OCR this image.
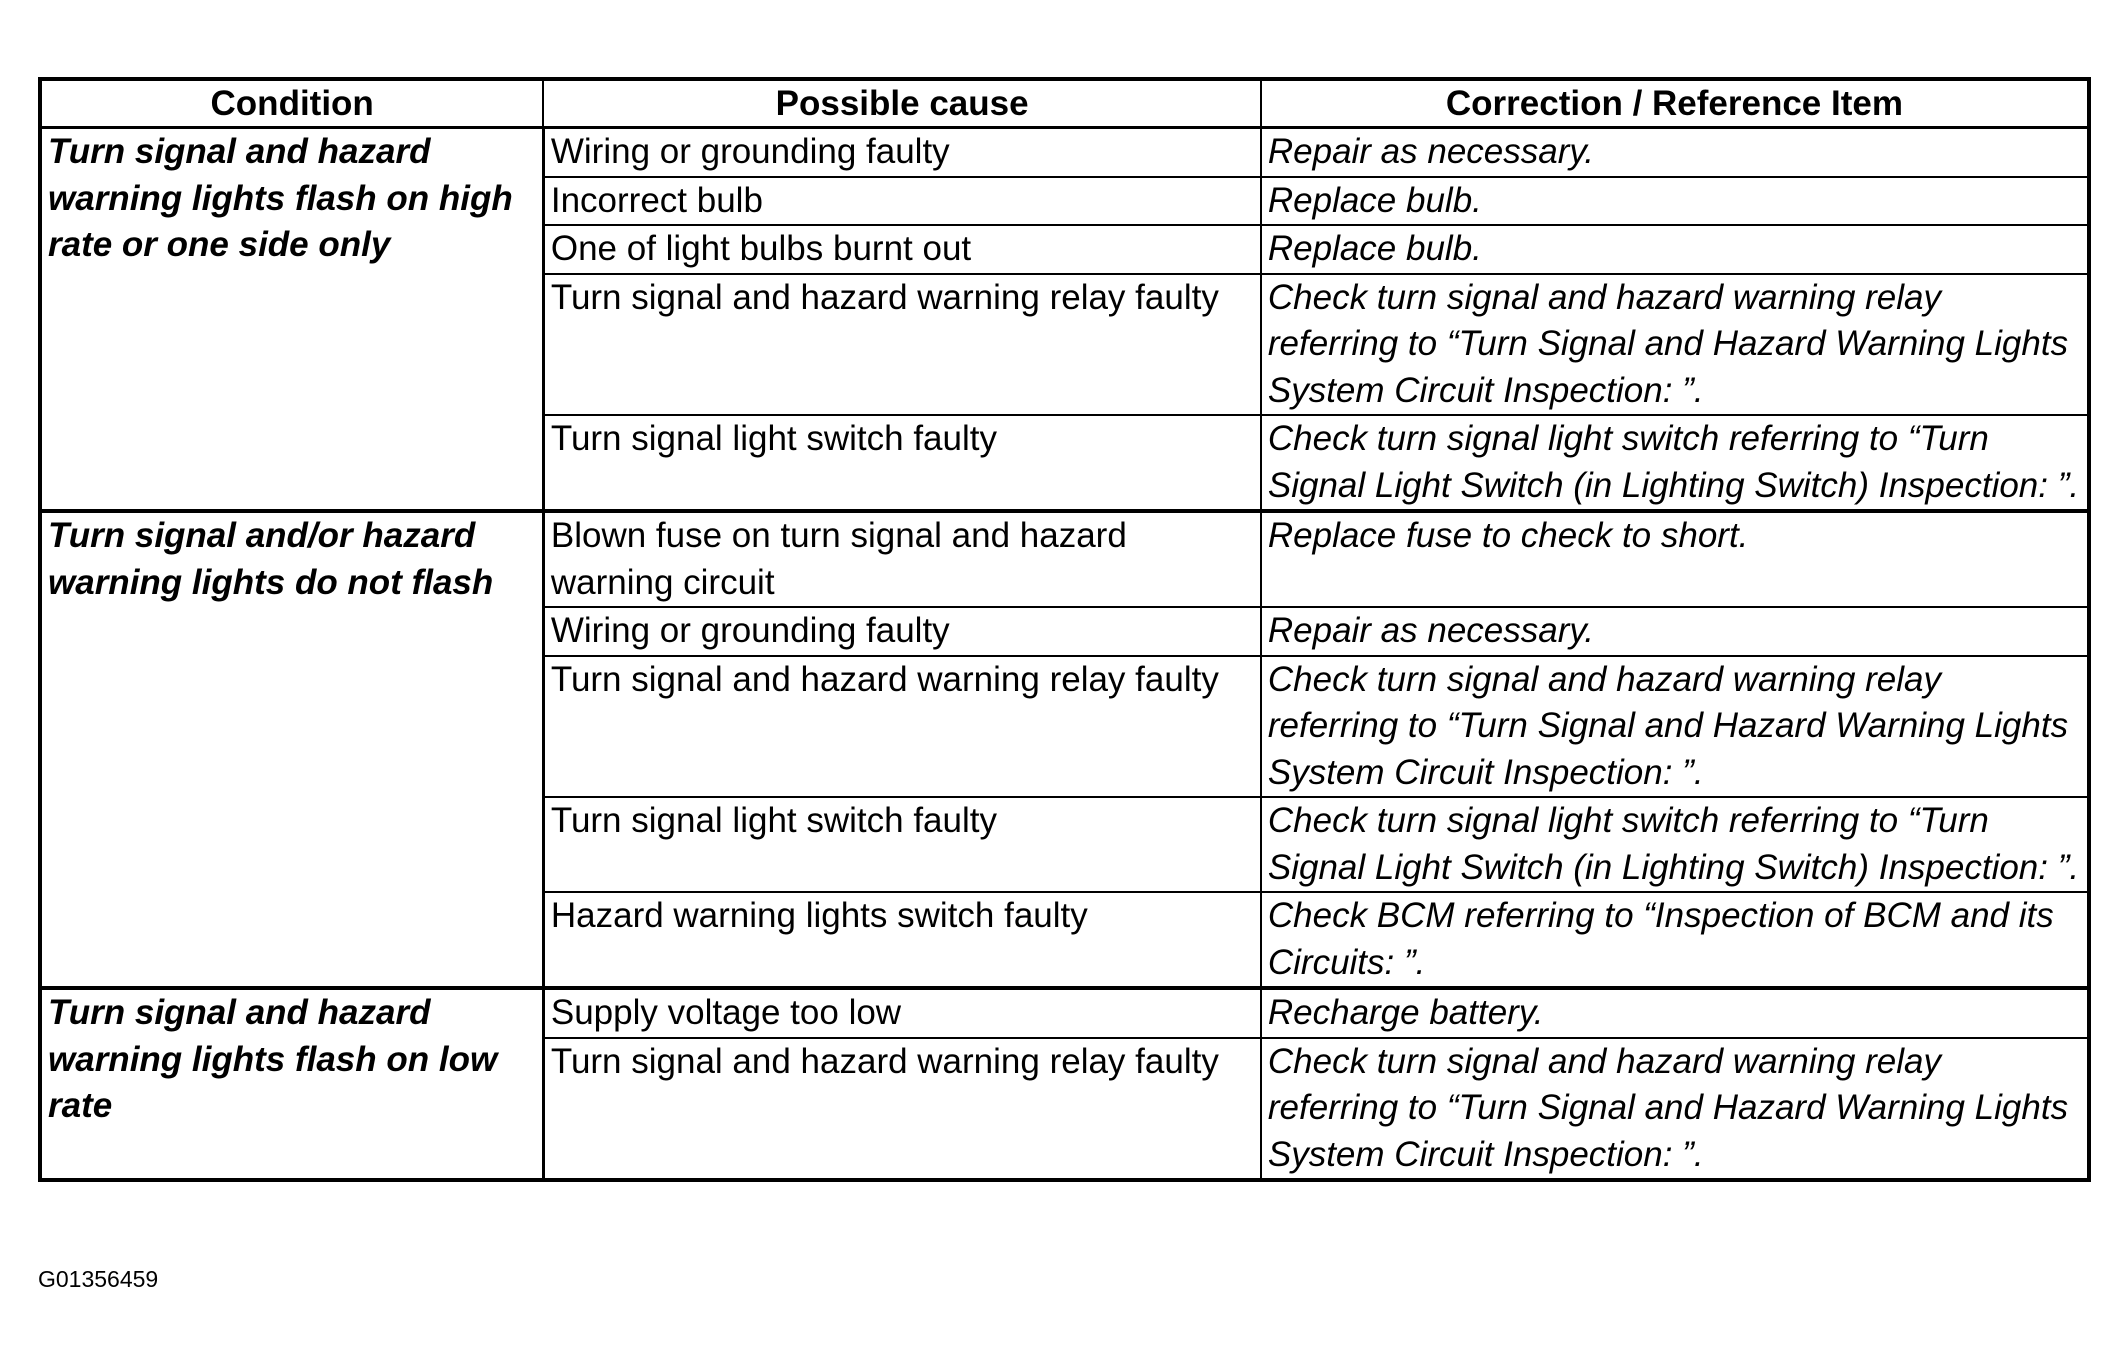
Condition	Possible cause	Correction / Reference Item
Turn signal and hazard warning lights flash on high rate or one side only	Wiring or grounding faulty	Repair as necessary.
	Incorrect bulb	Replace bulb.
	One of light bulbs burnt out	Replace bulb.
	Turn signal and hazard warning relay faulty	Check turn signal and hazard warning relay referring to “Turn Signal and Hazard Warning Lights System Circuit Inspection: ”.
	Turn signal light switch faulty	Check turn signal light switch referring to “Turn Signal Light Switch (in Lighting Switch) Inspection: ”.
Turn signal and/or hazard warning lights do not flash	Blown fuse on turn signal and hazard warning circuit	Replace fuse to check to short.
	Wiring or grounding faulty	Repair as necessary.
	Turn signal and hazard warning relay faulty	Check turn signal and hazard warning relay referring to “Turn Signal and Hazard Warning Lights System Circuit Inspection: ”.
	Turn signal light switch faulty	Check turn signal light switch referring to “Turn Signal Light Switch (in Lighting Switch) Inspection: ”.
	Hazard warning lights switch faulty	Check BCM referring to “Inspection of BCM and its Circuits: ”.
Turn signal and hazard warning lights flash on low rate	Supply voltage too low	Recharge battery.
	Turn signal and hazard warning relay faulty	Check turn signal and hazard warning relay referring to “Turn Signal and Hazard Warning Lights System Circuit Inspection: ”.
G01356459
